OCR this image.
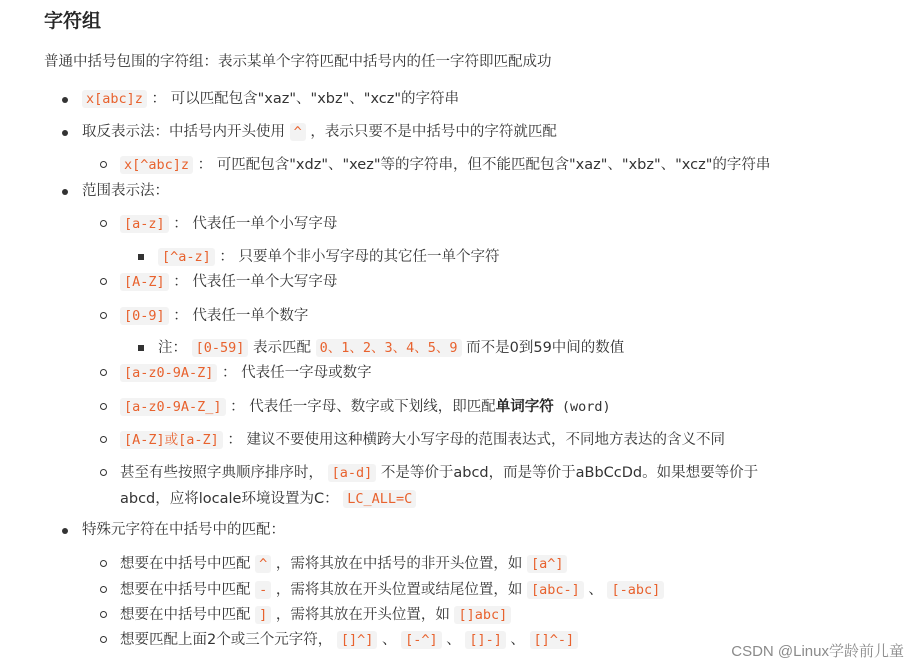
字符组
普通中括号包围的字符组：表示某单个字符匹配中括号内的任一字符即匹配成功
x[abc]z ： 可以匹配包含"xaz"、"xbz"、"xcz"的字符串
取反表示法：中括号内开头使用 ^ ，表示只要不是中括号中的字符就匹配
x[^abc]z ： 可匹配包含"xdz"、"xez"等的字符串，但不能匹配包含"xaz"、"xbz"、"xcz"的字符串
范围表示法：
[a-z] ： 代表任一单个小写字母
[^a-z] ： 只要单个非小写字母的其它任一单个字符
[A-Z] ： 代表任一单个大写字母
[0-9] ： 代表任一单个数字
注： [0-59] 表示匹配 0、1、2、3、4、5、9 而不是0到59中间的数值
[a-z0-9A-Z] ： 代表任一字母或数字
[a-z0-9A-Z_] ： 代表任一字母、数字或下划线，即匹配单词字符 (word)
[A-Z]或[a-Z] ： 建议不要使用这种横跨大小写字母的范围表达式，不同地方表达的含义不同
甚至有些按照字典顺序排序时， [a-d] 不是等价于abcd，而是等价于aBbCcDd。如果想要等价于
abcd，应将locale环境设置为C： LC_ALL=C
特殊元字符在中括号中的匹配：
想要在中括号中匹配 ^ ，需将其放在中括号的非开头位置，如 [a^]
想要在中括号中匹配 - ，需将其放在开头位置或结尾位置，如 [abc-] 、 [-abc]
想要在中括号中匹配 ] ，需将其放在开头位置，如 []abc]
想要匹配上面2个或三个元字符， []^] 、 [-^] 、 []-] 、 []^-]
CSDN @Linux学龄前儿童
